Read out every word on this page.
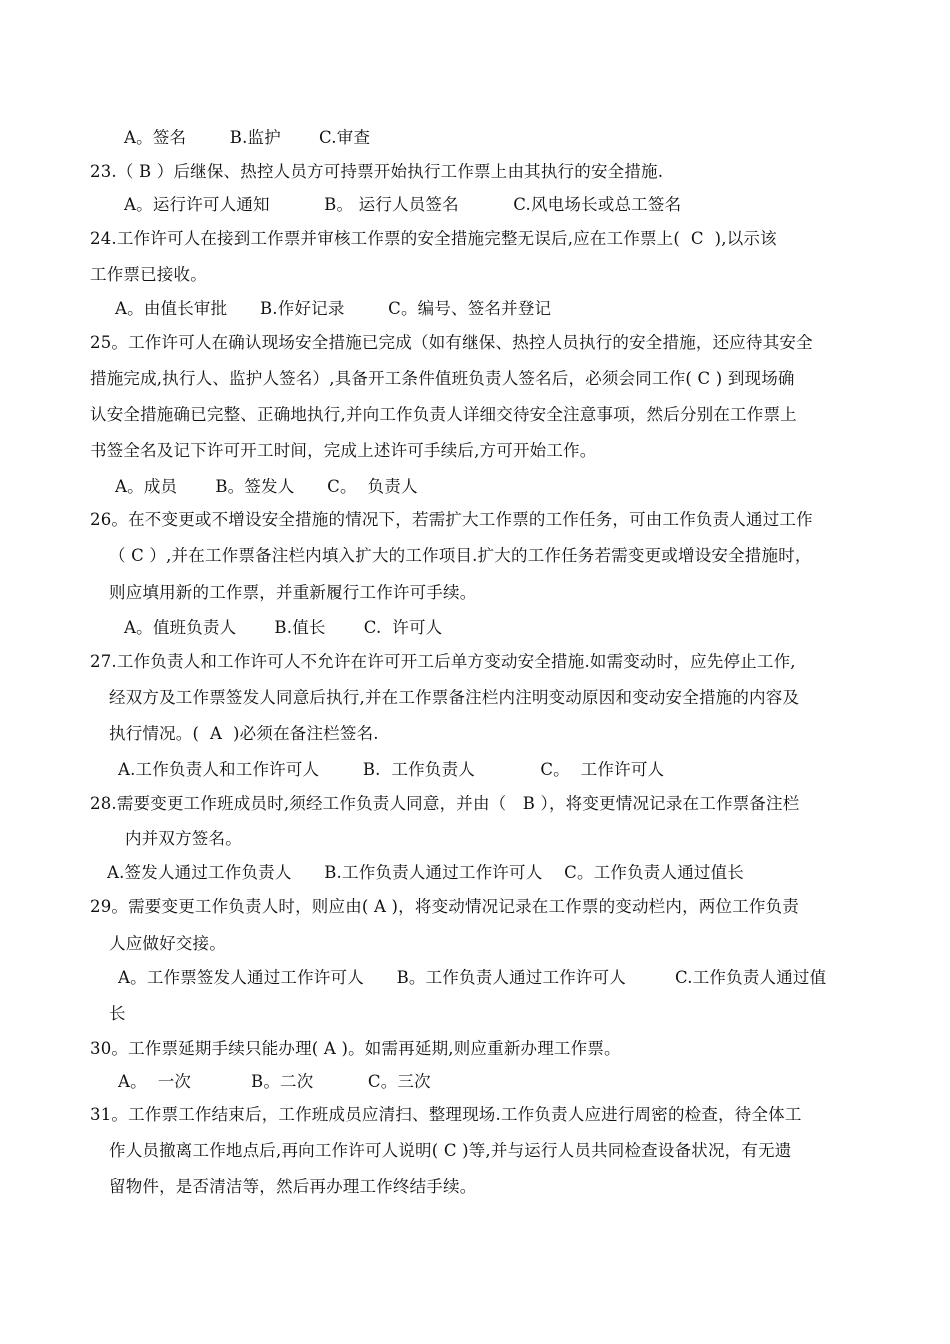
A。签名        B.监护       C.审查
23.（ B ）后继保、热控人员方可持票开始执行工作票上由其执行的安全措施.
A。运行许可人通知          B。 运行人员签名          C.风电场长或总工签名
24.工作许可人在接到工作票并审核工作票的安全措施完整无误后,应在工作票上(  C  ),以示该
工作票已接收。
A。由值长审批      B.作好记录        C。编号、签名并登记
25。工作许可人在确认现场安全措施已完成（如有继保、热控人员执行的安全措施，还应待其安全
措施完成,执行人、监护人签名）,具备开工条件值班负责人签名后，必须会同工作( C ) 到现场确
认安全措施确已完整、正确地执行,并向工作负责人详细交待安全注意事项，然后分别在工作票上
书签全名及记下许可开工时间，完成上述许可手续后,方可开始工作。
A。成员       B。签发人      C。  负责人
26。在不变更或不增设安全措施的情况下，若需扩大工作票的工作任务，可由工作负责人通过工作
（ C ）,并在工作票备注栏内填入扩大的工作项目.扩大的工作任务若需变更或增设安全措施时，
则应填用新的工作票，并重新履行工作许可手续。
A。值班负责人       B.值长       C.  许可人
27.工作负责人和工作许可人不允许在许可开工后单方变动安全措施.如需变动时，应先停止工作,
经双方及工作票签发人同意后执行,并在工作票备注栏内注明变动原因和变动安全措施的内容及
执行情况。(  A  )必须在备注栏签名.
A.工作负责人和工作许可人        B.  工作负责人            C。  工作许可人
28.需要变更工作班成员时,须经工作负责人同意，并由（   B ），将变更情况记录在工作票备注栏
内并双方签名。
A.签发人通过工作负责人      B.工作负责人通过工作许可人    C。工作负责人通过值长
29。需要变更工作负责人时，则应由( A )，将变动情况记录在工作票的变动栏内，两位工作负责
人应做好交接。
A。工作票签发人通过工作许可人      B。工作负责人通过工作许可人         C.工作负责人通过值
长
30。工作票延期手续只能办理( A )。如需再延期,则应重新办理工作票。
A。  一次           B。二次          C。三次
31。工作票工作结束后，工作班成员应清扫、整理现场.工作负责人应进行周密的检查，待全体工
作人员撤离工作地点后,再向工作许可人说明( C )等,并与运行人员共同检查设备状况，有无遗
留物件，是否清洁等，然后再办理工作终结手续。
